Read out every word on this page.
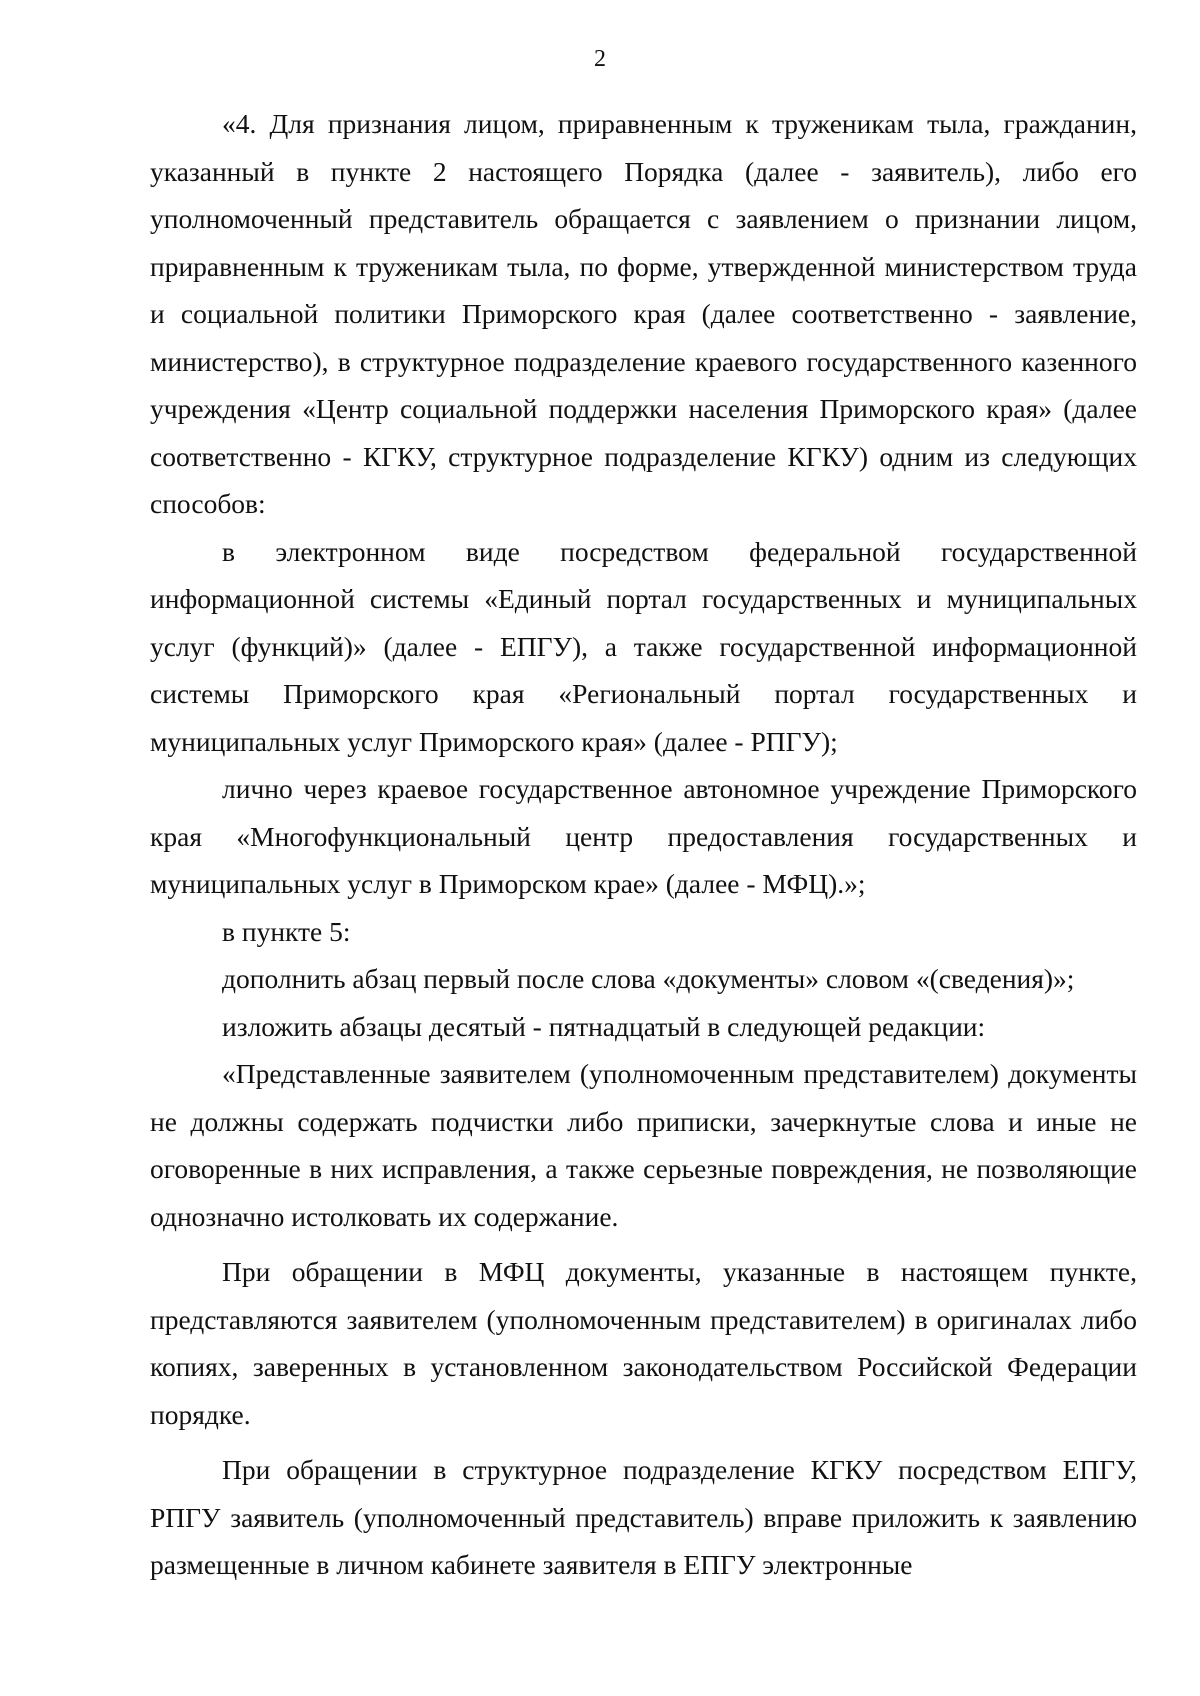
2

«4. Для признания лицом, приравненным к труженикам тыла, гражданин, указанный в пункте 2 настоящего Порядка (далее - заявитель), либо его уполномоченный представитель обращается с заявлением о признании лицом, приравненным к труженикам тыла, по форме, утвержденной министерством труда и социальной политики Приморского края (далее соответственно - заявление, министерство), в структурное подразделение краевого государственного казенного учреждения «Центр социальной поддержки населения Приморского края» (далее соответственно - КГКУ, структурное подразделение КГКУ) одним из следующих способов:

в электронном виде посредством федеральной государственной информационной системы «Единый портал государственных и муниципальных услуг (функций)» (далее - ЕПГУ), а также государственной информационной системы Приморского края «Региональный портал государственных и муниципальных услуг Приморского края» (далее - РПГУ);

лично через краевое государственное автономное учреждение Приморского края «Многофункциональный центр предоставления государственных и муниципальных услуг в Приморском крае» (далее - МФЦ).»;

в пункте 5:

дополнить абзац первый после слова «документы» словом «(сведения)»;

изложить абзацы десятый - пятнадцатый в следующей редакции:

«Представленные заявителем (уполномоченным представителем) документы не должны содержать подчистки либо приписки, зачеркнутые слова и иные не оговоренные в них исправления, а также серьезные повреждения, не позволяющие однозначно истолковать их содержание.

При обращении в МФЦ документы, указанные в настоящем пункте, представляются заявителем (уполномоченным представителем) в оригиналах либо копиях, заверенных в установленном законодательством Российской Федерации порядке.

При обращении в структурное подразделение КГКУ посредством ЕПГУ, РПГУ заявитель (уполномоченный представитель) вправе приложить к заявлению размещенные в личном кабинете заявителя в ЕПГУ электронные
